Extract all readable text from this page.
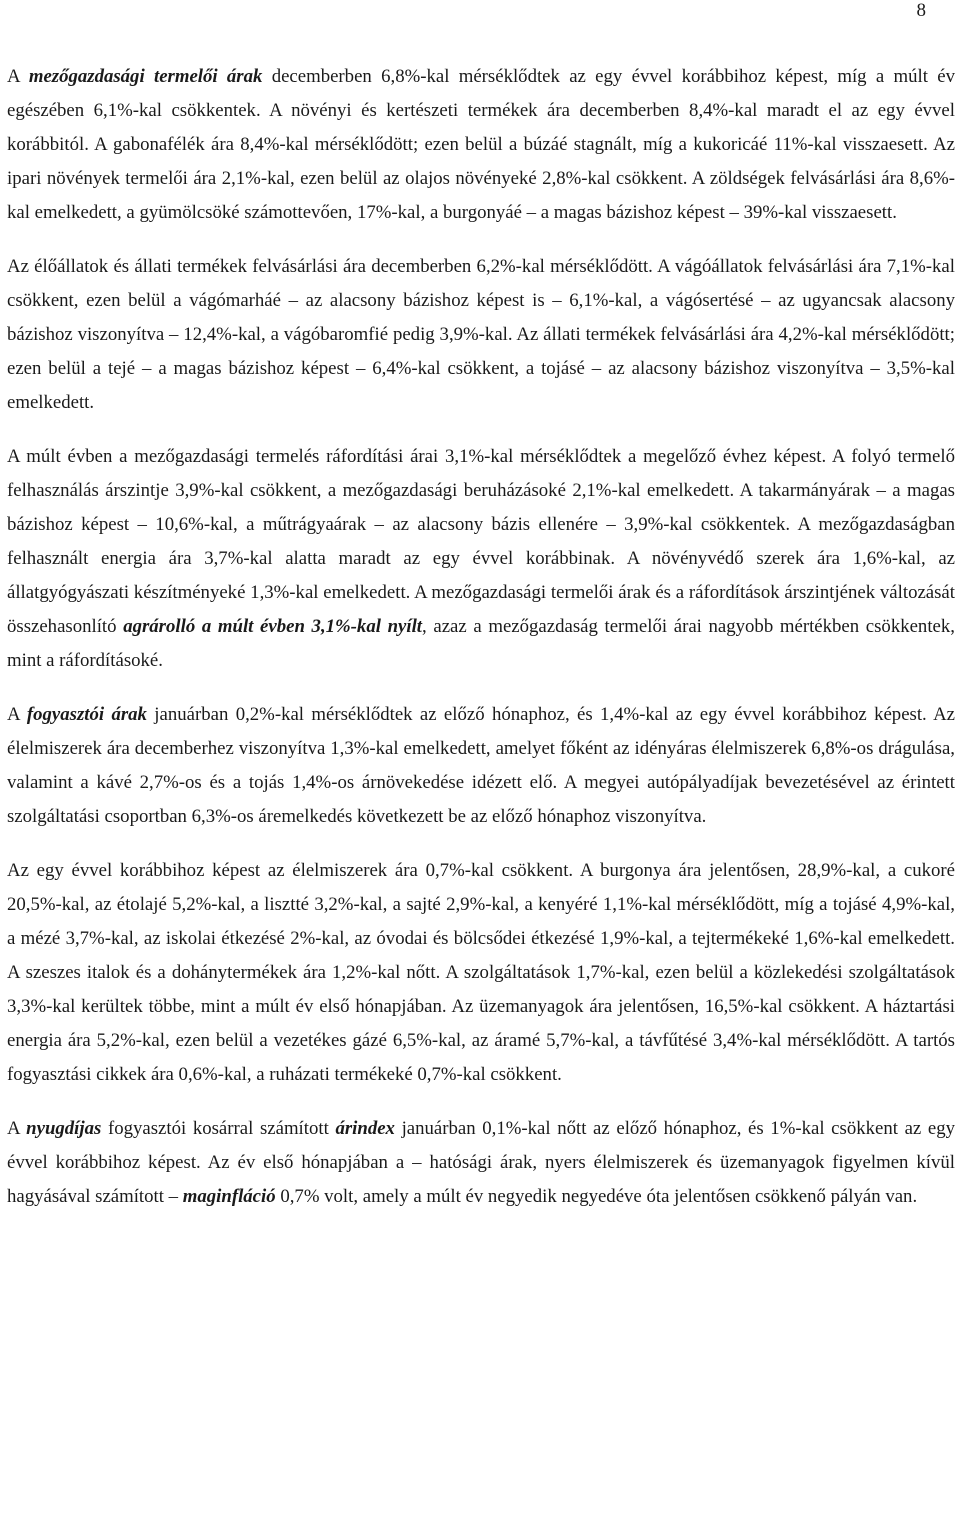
8

A mezőgazdasági termelői árak decemberben 6,8%-kal mérséklődtek az egy évvel korábbihoz képest, míg a múlt év egészében 6,1%-kal csökkentek. A növényi és kertészeti termékek ára decemberben 8,4%-kal maradt el az egy évvel korábbitól. A gabonafélék ára 8,4%-kal mérséklődött; ezen belül a búzáé stagnált, míg a kukoricáé 11%-kal visszaesett. Az ipari növények termelői ára 2,1%-kal, ezen belül az olajos növényeké 2,8%-kal csökkent. A zöldségek felvásárlási ára 8,6%-kal emelkedett, a gyümölcsöké számottevően, 17%-kal, a burgonyáé – a magas bázishoz képest – 39%-kal visszaesett.

Az élőállatok és állati termékek felvásárlási ára decemberben 6,2%-kal mérséklődött. A vágóállatok felvásárlási ára 7,1%-kal csökkent, ezen belül a vágómarháé – az alacsony bázishoz képest is – 6,1%-kal, a vágósertésé – az ugyancsak alacsony bázishoz viszonyítva – 12,4%-kal, a vágóbaromfié pedig 3,9%-kal. Az állati termékek felvásárlási ára 4,2%-kal mérséklődött; ezen belül a tejé – a magas bázishoz képest – 6,4%-kal csökkent, a tojásé – az alacsony bázishoz viszonyítva – 3,5%-kal emelkedett.

A múlt évben a mezőgazdasági termelés ráfordítási árai 3,1%-kal mérséklődtek a megelőző évhez képest. A folyó termelő felhasználás árszintje 3,9%-kal csökkent, a mezőgazdasági beruházásoké 2,1%-kal emelkedett. A takarmányárak – a magas bázishoz képest – 10,6%-kal, a műtrágyaárak – az alacsony bázis ellenére – 3,9%-kal csökkentek. A mezőgazdaságban felhasznált energia ára 3,7%-kal alatta maradt az egy évvel korábbinak. A növényvédő szerek ára 1,6%-kal, az állatgyógyászati készítményeké 1,3%-kal emelkedett. A mezőgazdasági termelői árak és a ráfordítások árszintjének változását összehasonlító agrárolló a múlt évben 3,1%-kal nyílt, azaz a mezőgazdaság termelői árai nagyobb mértékben csökkentek, mint a ráfordításoké.

A fogyasztói árak januárban 0,2%-kal mérséklődtek az előző hónaphoz, és 1,4%-kal az egy évvel korábbihoz képest. Az élelmiszerek ára decemberhez viszonyítva 1,3%-kal emelkedett, amelyet főként az idényáras élelmiszerek 6,8%-os drágulása, valamint a kávé 2,7%-os és a tojás 1,4%-os árnövekedése idézett elő. A megyei autópályadíjak bevezetésével az érintett szolgáltatási csoportban 6,3%-os áremelkedés következett be az előző hónaphoz viszonyítva.

Az egy évvel korábbihoz képest az élelmiszerek ára 0,7%-kal csökkent. A burgonya ára jelentősen, 28,9%-kal, a cukoré 20,5%-kal, az étolajé 5,2%-kal, a lisztté 3,2%-kal, a sajté 2,9%-kal, a kenyéré 1,1%-kal mérséklődött, míg a tojásé 4,9%-kal, a mézé 3,7%-kal, az iskolai étkezésé 2%-kal, az óvodai és bölcsődei étkezésé 1,9%-kal, a tejtermékeké 1,6%-kal emelkedett. A szeszes italok és a dohánytermékek ára 1,2%-kal nőtt. A szolgáltatások 1,7%-kal, ezen belül a közlekedési szolgáltatások 3,3%-kal kerültek többe, mint a múlt év első hónapjában. Az üzemanyagok ára jelentősen, 16,5%-kal csökkent. A háztartási energia ára 5,2%-kal, ezen belül a vezetékes gázé 6,5%-kal, az áramé 5,7%-kal, a távfűtésé 3,4%-kal mérséklődött. A tartós fogyasztási cikkek ára 0,6%-kal, a ruházati termékeké 0,7%-kal csökkent.

A nyugdíjas fogyasztói kosárral számított árindex januárban 0,1%-kal nőtt az előző hónaphoz, és 1%-kal csökkent az egy évvel korábbihoz képest. Az év első hónapjában a – hatósági árak, nyers élelmiszerek és üzemanyagok figyelmen kívül hagyásával számított – maginfláció 0,7% volt, amely a múlt év negyedik negyedéve óta jelentősen csökkenő pályán van.
